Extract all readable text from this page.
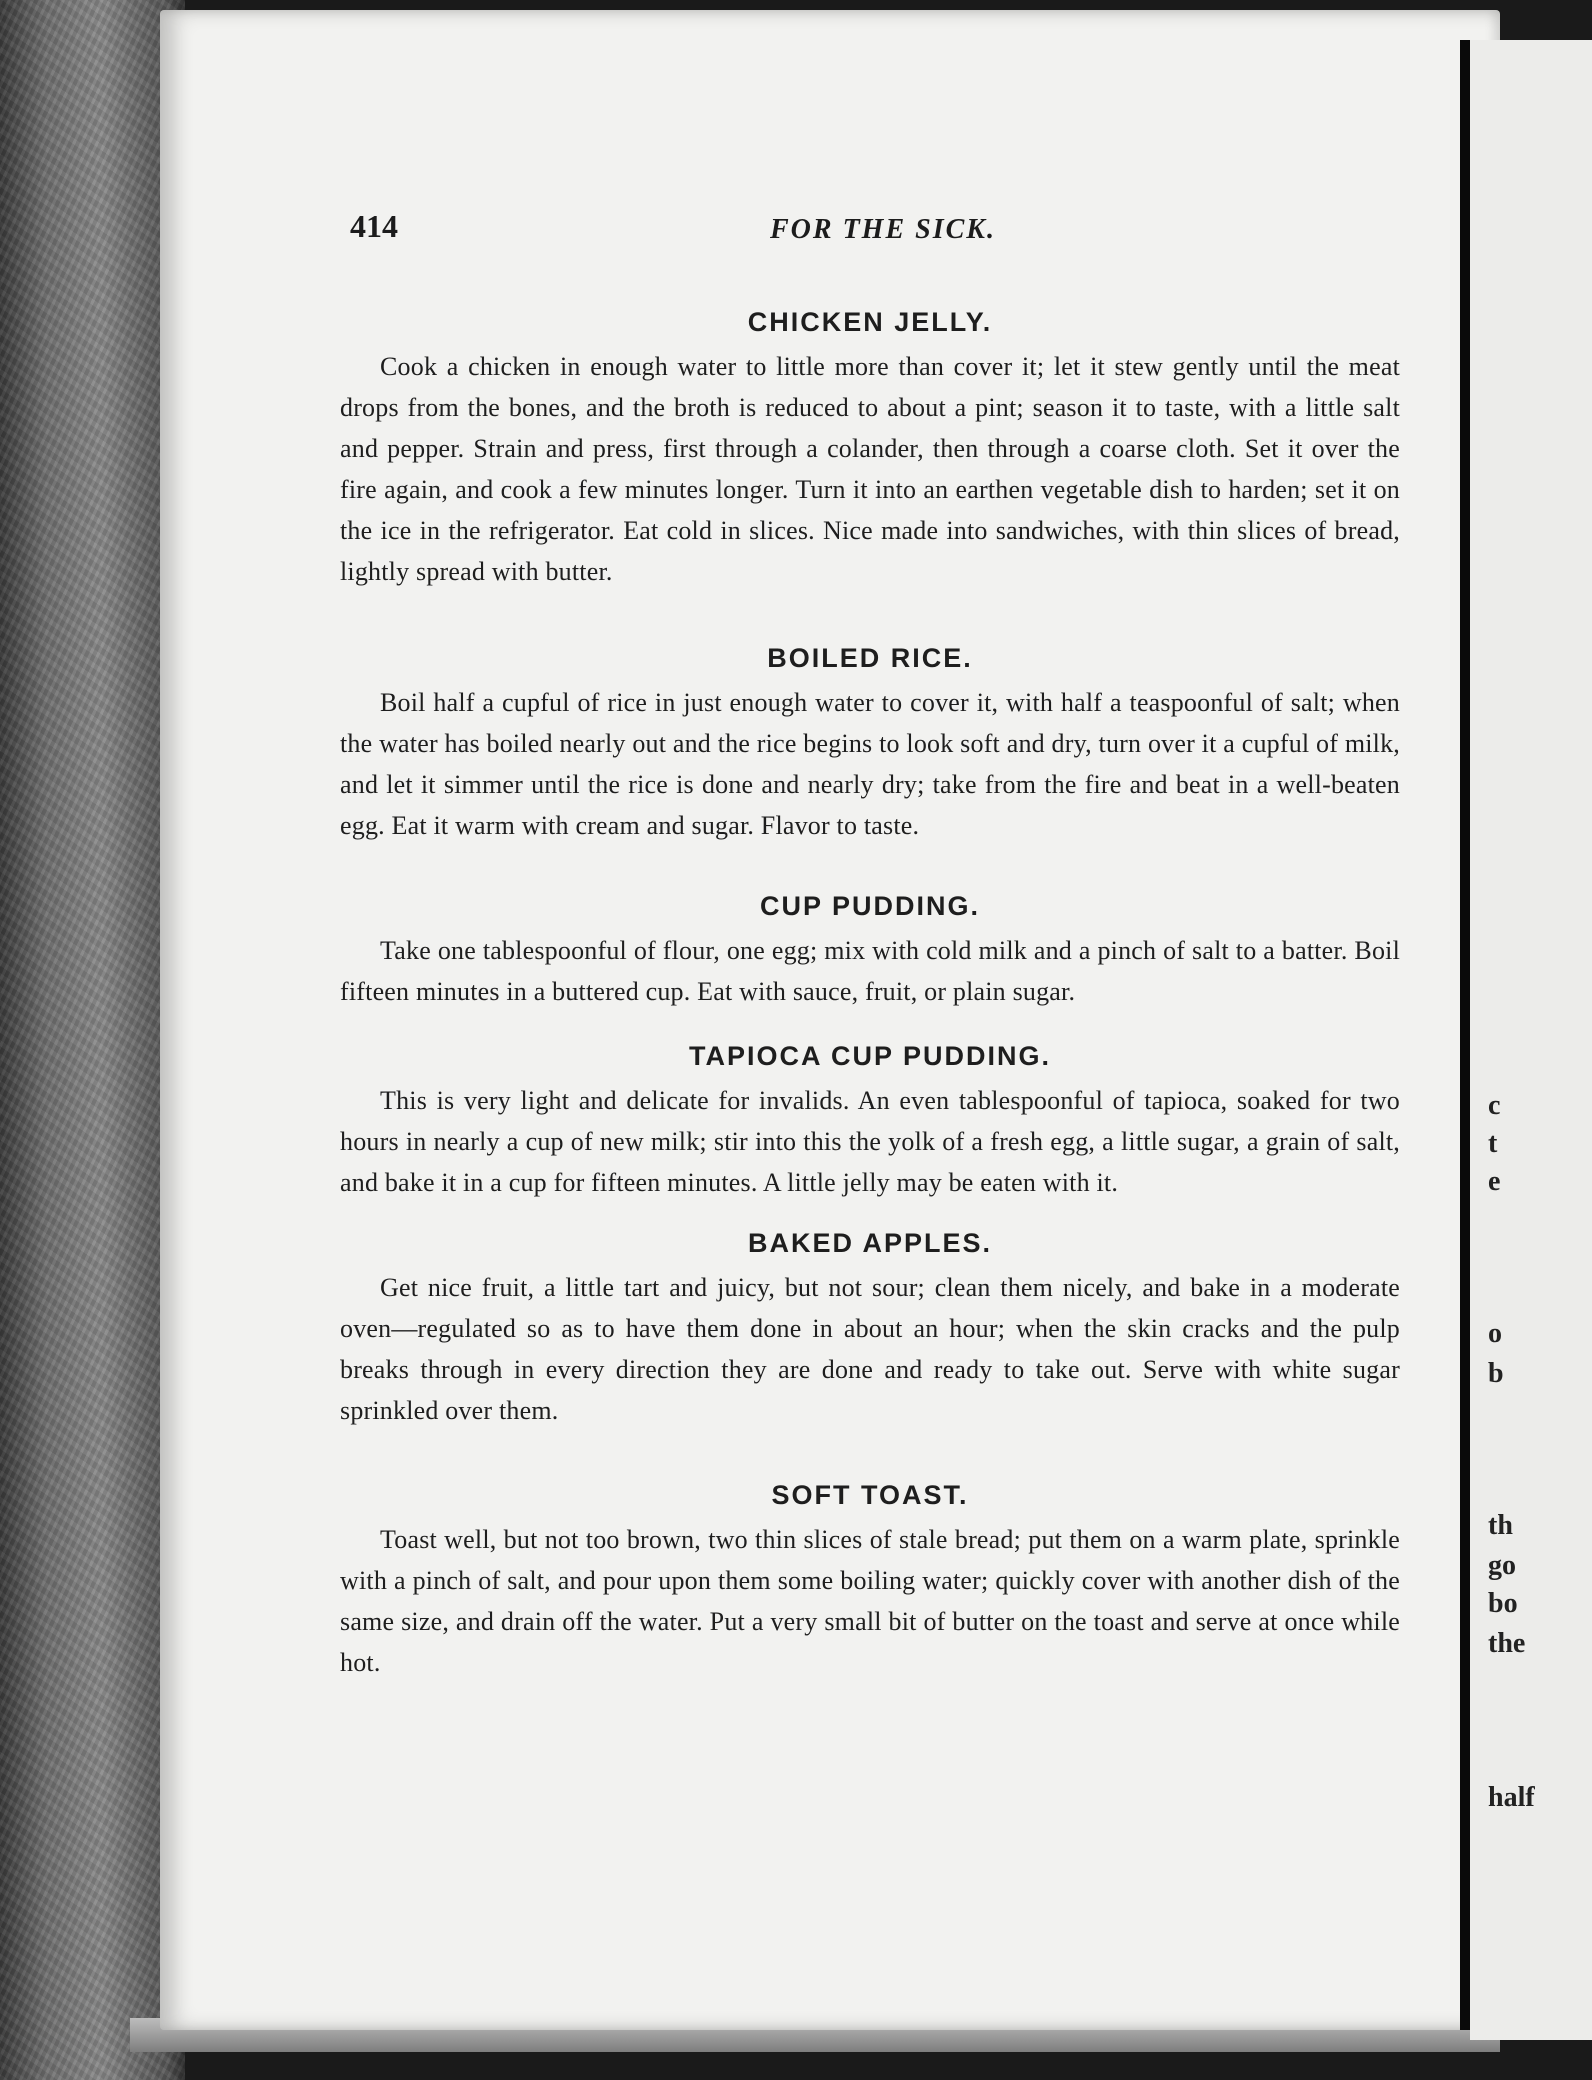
414	FOR THE SICK.
CHICKEN JELLY.

Cook a chicken in enough water to little more than cover it; let it stew gently until the meat drops from the bones, and the broth is reduced to about a pint; season it to taste, with a little salt and pepper. Strain and press, first through a colander, then through a coarse cloth. Set it over the fire again, and cook a few minutes longer. Turn it into an earthen vegetable dish to harden; set it on the ice in the refrigerator. Eat cold in slices. Nice made into sandwiches, with thin slices of bread, lightly spread with butter.

BOILED RICE.

Boil half a cupful of rice in just enough water to cover it, with half a teaspoonful of salt; when the water has boiled nearly out and the rice begins to look soft and dry, turn over it a cupful of milk, and let it simmer until the rice is done and nearly dry; take from the fire and beat in a well-beaten egg. Eat it warm with cream and sugar. Flavor to taste.

CUP PUDDING.

Take one tablespoonful of flour, one egg; mix with cold milk and a pinch of salt to a batter. Boil fifteen minutes in a buttered cup. Eat with sauce, fruit, or plain sugar.

TAPIOCA CUP PUDDING.

This is very light and delicate for invalids. An even tablespoonful of tapioca, soaked for two hours in nearly a cup of new milk; stir into this the yolk of a fresh egg, a little sugar, a grain of salt, and bake it in a cup for fifteen minutes. A little jelly may be eaten with it.

BAKED APPLES.

Get nice fruit, a little tart and juicy, but not sour; clean them nicely, and bake in a moderate oven—regulated so as to have them done in about an hour; when the skin cracks and the pulp breaks through in every direction they are done and ready to take out. Serve with white sugar sprinkled over them.

SOFT TOAST.

Toast well, but not too brown, two thin slices of stale bread; put them on a warm plate, sprinkle with a pinch of salt, and pour upon them some boiling water; quickly cover with another dish of the same size, and drain off the water. Put a very small bit of butter on the toast and serve at once while hot.

c
t
e
o
b
th
go
bo
the
half
